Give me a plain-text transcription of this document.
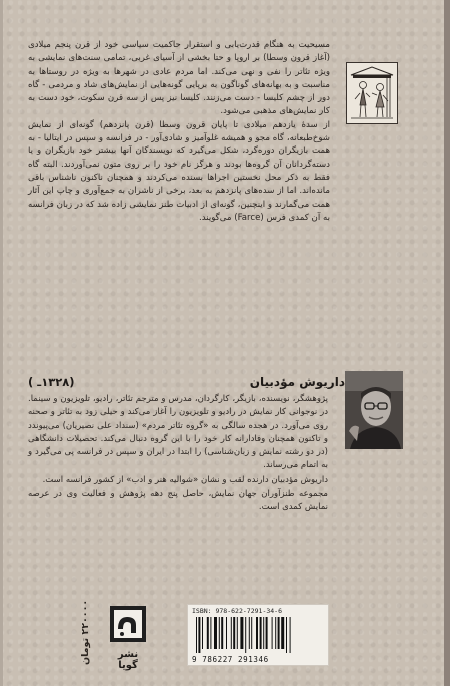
مسیحیت به هنگام قدرت‌یابی و استقرار حاکمیت سیاسی خود از قرن پنجم میلادی (آغاز قرون وسطا) بر اروپا و حتا بخشی از آسیای غربی، تمامی سنت‌های نمایشی به ویژه تئاتر را نفی و نهی می‌کند. اما مردم عادی در شهرها به ویژه در روستاها به مناسبت و به بهانه‌های گوناگون به برپایی گونه‌هایی از نمایش‌های شاد و مردمی - گاه دور از چشم کلیسا - دست می‌زنند. کلیسا نیز پس از سه قرن سکوت، خود دست به کار نمایش‌های مذهبی می‌شود.

از سدهٔ یازدهم میلادی تا پایان قرون وسطا (قرن پانزدهم) گونه‌ای از نمایش شوخ‌طبعانه، گاه مجو و همیشه غلوآمیز و شادی‌آور - در فرانسه و سپس در ایتالیا - به همت بازیگران دوره‌گرد، شکل می‌گیرد که نویسندگان آنها بیشتر خود بازیگران و یا دسته‌گردانان آن گروه‌ها بودند و هرگز نام خود را بر روی متون نمی‌آوردند. البته گاه فقط به ذکر محل نخستین اجراها بسنده می‌کردند و همچنان ناکنون ناشناس باقی مانده‌اند. اما از سده‌های پانزدهم به بعد، برخی از ناشران به جمع‌آوری و چاپ این آثار همت می‌گمارند و اینچنین، گونه‌ای از ادبیات طنز نمایشی زاده شد که در زبان فرانسه به آن کمدی فرس (Farce) می‌گویند.

داریوش مؤدبیان
(۱۳۲۸ـ )

پژوهشگر، نویسنده، بازیگر، کارگردان، مدرس و مترجم تئاتر، رادیو، تلویزیون و سینما. در نوجوانی کار نمایش در رادیو و تلویزیون را آغاز می‌کند و حیلی زود به تئاتر و صحنه روی می‌آورد. در هجده سالگی به «گروه تئاتر مردم» (سنداد علی نصیریان) می‌پیوندد و تاکنون همچنان وفادارانه کار خود را با این گروه دنبال می‌کند. تحصیلات دانشگاهی (در دو رشته نمایش و زبان‌شناسی) را ابتدا در ایران و سپس در فرانسه پی می‌گیرد و به اتمام می‌رساند.

داریوش مؤدبیان دارنده لقب و نشان «شوالیه هنر و ادب» از کشور فرانسه است.

مجموعه طنزآوران جهان نمایش، حاصل پنج دهه پژوهش و فعالیت وی در عرصه نمایش کمدی است.

۲۲۰۰۰۰ تومان
نشر گویا
ISBN: 978-622-7291-34-6
9 786227 291346
